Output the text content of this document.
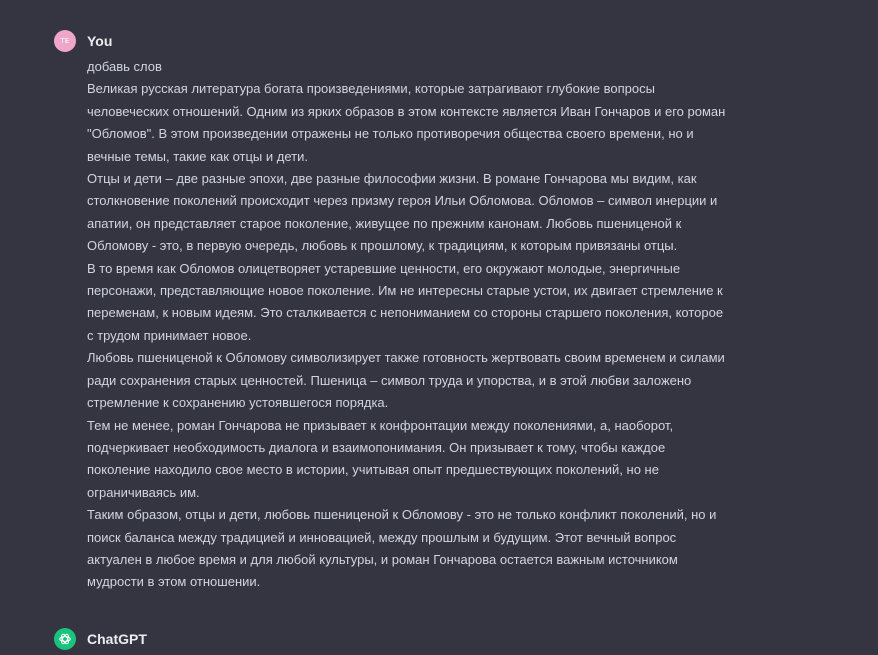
TE You

добавь слов

Великая русская литература богата произведениями, которые затрагивают глубокие вопросы человеческих отношений. Одним из ярких образов в этом контексте является Иван Гончаров и его роман "Обломов". В этом произведении отражены не только противоречия общества своего времени, но и вечные темы, такие как отцы и дети.

Отцы и дети – две разные эпохи, две разные философии жизни. В романе Гончарова мы видим, как столкновение поколений происходит через призму героя Ильи Обломова. Обломов – символ инерции и апатии, он представляет старое поколение, живущее по прежним канонам. Любовь пшеницeной к Обломову - это, в первую очередь, любовь к прошлому, к традициям, к которым привязаны отцы.

В то время как Обломов олицетворяет устаревшие ценности, его окружают молодые, энергичные персонажи, представляющие новое поколение. Им не интересны старые устои, их двигает стремление к переменам, к новым идеям. Это сталкивается с непониманием со стороны старшего поколения, которое с трудом принимает новое.

Любовь пшениценой к Обломову символизирует также готовность жертвовать своим временем и силами ради сохранения старых ценностей. Пшеница – символ труда и упорства, и в этой любви заложено стремление к сохранению устоявшегося порядка.

Тем не менее, роман Гончарова не призывает к конфронтации между поколениями, а, наоборот, подчеркивает необходимость диалога и взаимопонимания. Он призывает к тому, чтобы каждое поколение находило свое место в истории, учитывая опыт предшествующих поколений, но не ограничиваясь им.

Таким образом, отцы и дети, любовь пшениценой к Обломову - это не только конфликт поколений, но и поиск баланса между традицией и инновацией, между прошлым и будущим. Этот вечный вопрос актуален в любое время и для любой культуры, и роман Гончарова остается важным источником мудрости в этом отношении.

ChatGPT
